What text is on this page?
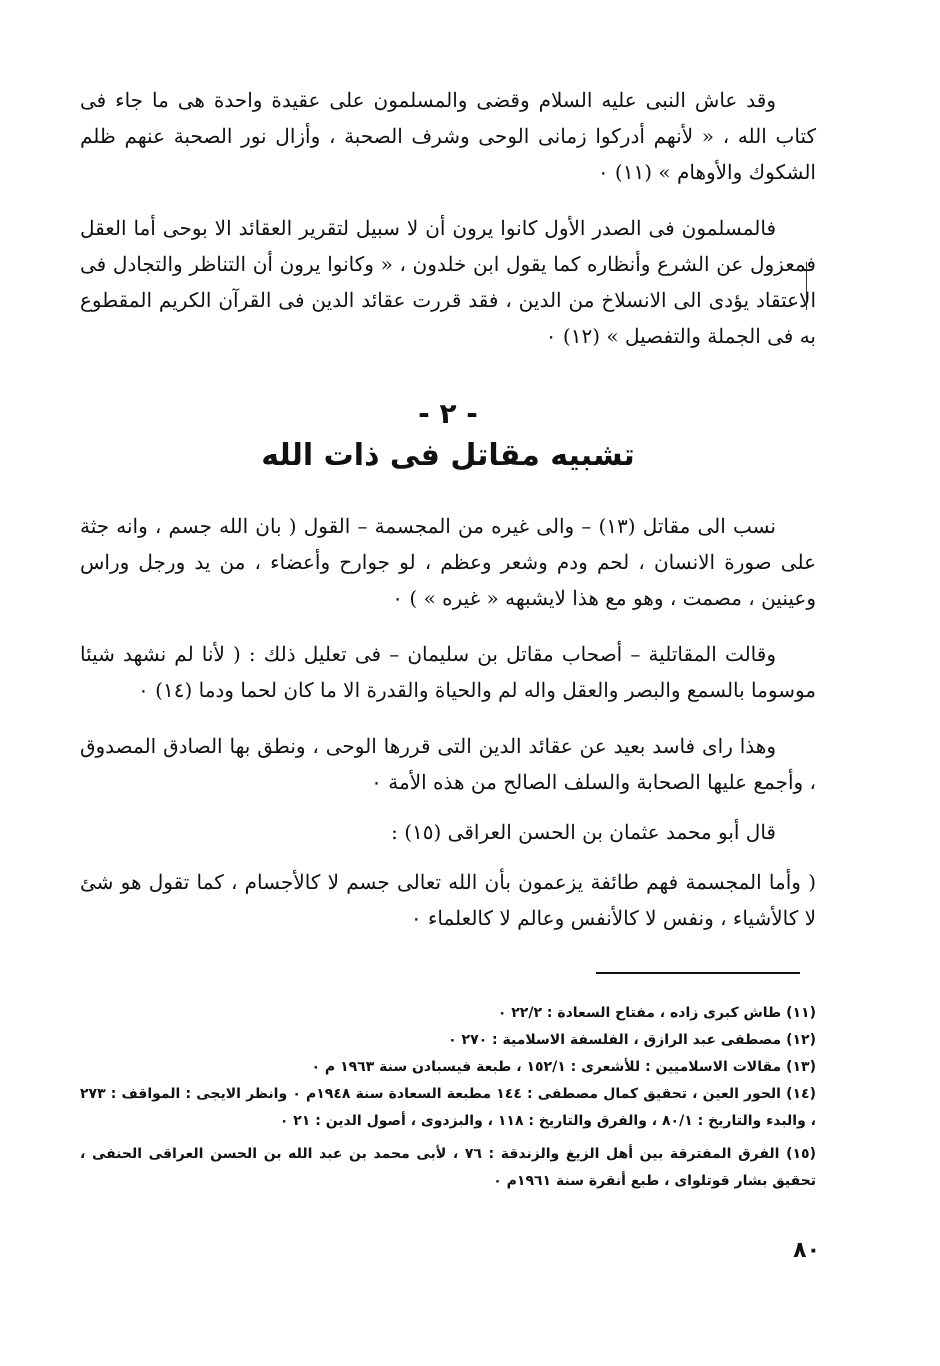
وقد عاش النبى عليه السلام وقضى والمسلمون على عقيدة واحدة هى ما جاء فى كتاب الله ، « لأنهم أدركوا زمانى الوحى وشرف الصحبة ، وأزال نور الصحبة عنهم ظلم الشكوك والأوهام » (١١) ٠

فالمسلمون فى الصدر الأول كانوا يرون أن لا سبيل لتقرير العقائد الا بوحى أما العقل فمعزول عن الشرع وأنظاره كما يقول ابن خلدون ، « وكانوا يرون أن التناظر والتجادل فى الاعتقاد يؤدى الى الانسلاخ من الدين ، فقد قررت عقائد الدين فى القرآن الكريم المقطوع به فى الجملة والتفصيل » (١٢) ٠

- ٢ -
تشبيه مقاتل فى ذات الله

نسب الى مقاتل (١٣) – والى غيره من المجسمة – القول ( بان الله جسم ، وانه جثة على صورة الانسان ، لحم ودم وشعر وعظم ، لو جوارح وأعضاء ، من يد ورجل وراس وعينين ، مصمت ، وهو مع هذا لايشبهه « غيره » ) ٠

وقالت المقاتلية – أصحاب مقاتل بن سليمان – فى تعليل ذلك : ( لأنا لم نشهد شيئا موسوما بالسمع والبصر والعقل واله لم والحياة والقدرة الا ما كان لحما ودما (١٤) ٠

وهذا راى فاسد بعيد عن عقائد الدين التى قررها الوحى ، ونطق بها الصادق المصدوق ، وأجمع عليها الصحابة والسلف الصالح من هذه الأمة ٠

قال أبو محمد عثمان بن الحسن العراقى (١٥) :

( وأما المجسمة فهم طائفة يزعمون بأن الله تعالى جسم لا كالأجسام ، كما تقول هو شئ لا كالأشياء ، ونفس لا كالأنفس وعالم لا كالعلماء ٠

(١١) طاش كبرى زاده ، مفتاح السعادة : ٢٢/٢ ٠

(١٢) مصطفى عبد الرازق ، الفلسفة الاسلامية : ٢٧٠ ٠

(١٣) مقالات الاسلاميين : للأشعرى : ١٥٢/١ ، طبعة فيسبادن سنة ١٩٦٣ م ٠

(١٤) الحور العين ، تحقيق كمال مصطفى : ١٤٤ مطبعة السعادة سنة ١٩٤٨م ٠ وانظر الايجى : المواقف : ٢٧٣ ، والبدء والتاريخ : ٨٠/١ ، والفرق والتاريخ : ١١٨ ، والبزدوى ، أصول الدين : ٢١ ٠

(١٥) الفرق المفترقة بين أهل الزيغ والزندقة : ٧٦ ، لأبى محمد بن عبد الله بن الحسن العراقى الحنفى ، تحقيق بشار قوتلواى ، طبع أنقرة سنة ١٩٦١م ٠

٨٠
